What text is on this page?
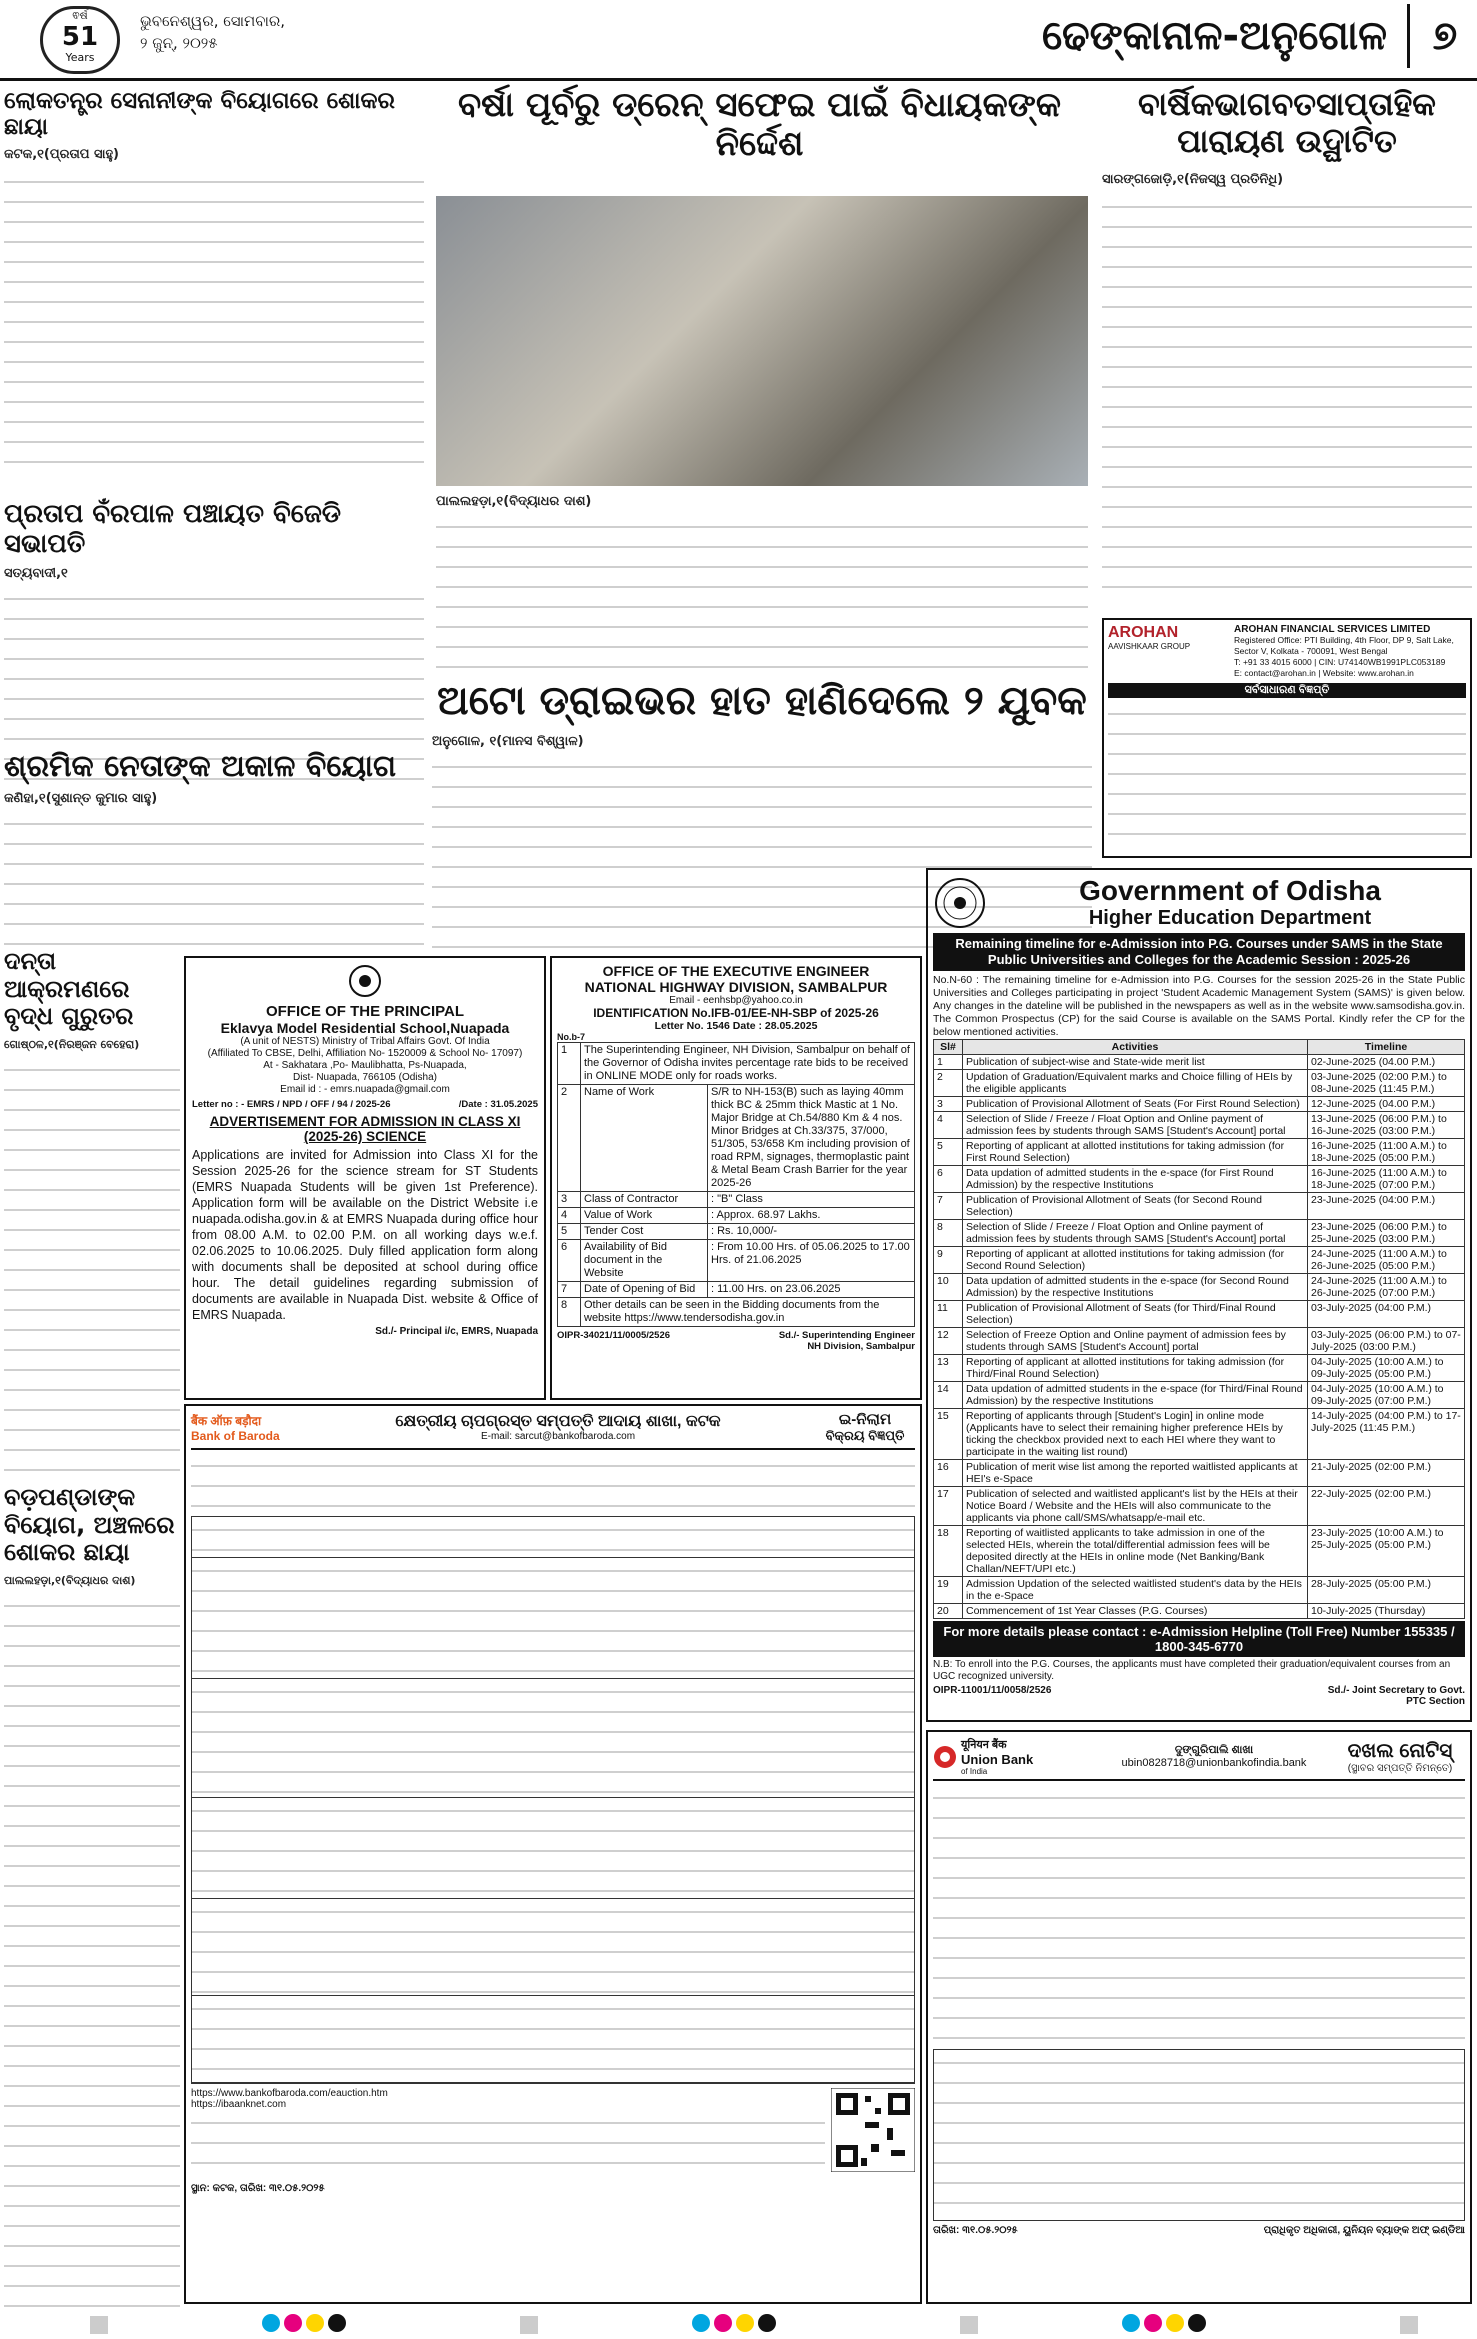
ଵର୍ଷ
51
Years
ଭୁବନେଶ୍ୱର, ସୋମବାର,
୨ ଜୁନ୍, ୨୦୨୫	ଢେଙ୍କାନାଳ-ଅନୁଗୋଳ	୭
ଲୋକତନ୍ତ୍ର ସେନାନୀଙ୍କ ବିୟୋଗରେ ଶୋକର ଛାୟା
କଟକ,୧(ପ୍ରତାପ ସାହୁ)
ବର୍ଷା ପୂର୍ବରୁ ଡ୍ରେନ୍ ସଫେଇ ପାଇଁ ବିଧାୟକଙ୍କ ନିର୍ଦ୍ଦେଶ
ପାଲଲହଡ଼ା,୧(ବିଦ୍ୟାଧର ଦାଶ)
ବାର୍ଷିକଭାଗବତସାପ୍ତାହିକ ପାରାୟଣ ଉଦ୍ଘାଟିତ
ସାରଙ୍ଗଜୋଡ଼ି,୧(ନିଜସ୍ୱ ପ୍ରତିନିଧି)
ପ୍ରତାପ ବଁରପାଳ ପଞ୍ଚାୟତ ବିଜେଡି ସଭାପତି
ସତ୍ୟବାଦୀ,୧
ଅଟୋ ଡ୍ରାଇଭର ହାତ ହାଣିଦେଲେ ୨ ଯୁବକ
ଅନୁଗୋଳ, ୧(ମାନସ ବିଶ୍ୱାଳ)
ଶ୍ରମିକ ନେତାଙ୍କ ଅକାଳ ବିୟୋଗ
କଣିହା,୧(ସୁଶାନ୍ତ କୁମାର ସାହୁ)
AROHAN
AAVISHKAAR GROUP
AROHAN FINANCIAL SERVICES LIMITED
Registered Office: PTI Building, 4th Floor, DP 9, Salt Lake, Sector V, Kolkata - 700091, West Bengal
T: +91 33 4015 6000 | CIN: U74140WB1991PLC053189
E: contact@arohan.in | Website: www.arohan.in
ସର୍ବସାଧାରଣ ବିଜ୍ଞପ୍ତି
ଦନ୍ତା ଆକ୍ରମଣରେ ବୃଦ୍ଧ ଗୁରୁତର
ଗୋଷ୍ଠଳ,୧(ନିରଞ୍ଜନ ବେହେରା)
OFFICE OF THE PRINCIPAL
Eklavya Model Residential School,Nuapada
(A unit of NESTS) Ministry of Tribal Affairs Govt. Of India
(Affiliated To CBSE, Delhi, Affiliation No- 1520009 & School No- 17097)
At - Sakhatara ,Po- Maulibhatta, Ps-Nuapada,
Dist- Nuapada, 766105 (Odisha)
Email id : - emrs.nuapada@gmail.com
Letter no : - EMRS / NPD / OFF / 94 / 2025-26	/Date : 31.05.2025
ADVERTISEMENT FOR ADMISSION IN CLASS XI (2025-26) SCIENCE
Applications are invited for Admission into Class XI for the Session 2025-26 for the science stream for ST Students (EMRS Nuapada Students will be given 1st Preference). Application form will be available on the District Website i.e nuapada.odisha.gov.in & at EMRS Nuapada during office hour from 08.00 A.M. to 02.00 P.M. on all working days w.e.f. 02.06.2025 to 10.06.2025. Duly filled application form along with documents shall be deposited at school during office hour. The detail guidelines regarding submission of documents are available in Nuapada Dist. website & Office of EMRS Nuapada.
Sd./- Principal i/c, EMRS, Nuapada
OFFICE OF THE EXECUTIVE ENGINEER
NATIONAL HIGHWAY DIVISION, SAMBALPUR
Email - eenhsbp@yahoo.co.in
IDENTIFICATION No.IFB-01/EE-NH-SBP of 2025-26
Letter No. 1546 Date : 28.05.2025
No.b-7
1	The Superintending Engineer, NH Division, Sambalpur on behalf of the Governor of Odisha invites percentage rate bids to be received in ONLINE MODE only for roads works.	
2	Name of Work	S/R to NH-153(B) such as laying 40mm thick BC & 25mm thick Mastic at 1 No. Major Bridge at Ch.54/880 Km & 4 nos. Minor Bridges at Ch.33/375, 37/000, 51/305, 53/658 Km including provision of road RPM, signages, thermoplastic paint & Metal Beam Crash Barrier for the year 2025-26
3	Class of Contractor	: "B" Class
4	Value of Work	: Approx. 68.97 Lakhs.
5	Tender Cost	: Rs. 10,000/-
6	Availability of Bid document in the Website	: From 10.00 Hrs. of 05.06.2025 to 17.00 Hrs. of 21.06.2025
7	Date of Opening of Bid	: 11.00 Hrs. on 23.06.2025
8	Other details can be seen in the Bidding documents from the website https://www.tendersodisha.gov.in	
OIPR-34021/11/0005/2526	Sd./- Superintending Engineer
NH Division, Sambalpur
Government of Odisha
Higher Education Department
Remaining timeline for e-Admission into P.G. Courses under SAMS in the State Public Universities and Colleges for the Academic Session : 2025-26
No.N-60 : The remaining timeline for e-Admission into P.G. Courses for the session 2025-26 in the State Public Universities and Colleges participating in project 'Student Academic Management System (SAMS)' is given below. Any changes in the dateline will be published in the newspapers as well as in the website www.samsodisha.gov.in. The Common Prospectus (CP) for the said Course is available on the SAMS Portal. Kindly refer the CP for the below mentioned activities.
Sl#	Activities	Timeline
1	Publication of subject-wise and State-wide merit list	02-June-2025 (04.00 P.M.)
2	Updation of Graduation/Equivalent marks and Choice filling of HEIs by the eligible applicants	03-June-2025 (02:00 P.M.) to 08-June-2025 (11:45 P.M.)
3	Publication of Provisional Allotment of Seats (For First Round Selection)	12-June-2025 (04.00 P.M.)
4	Selection of Slide / Freeze / Float Option and Online payment of admission fees by students through SAMS [Student's Account] portal	13-June-2025 (06:00 P.M.) to 16-June-2025 (03:00 P.M.)
5	Reporting of applicant at allotted institutions for taking admission (for First Round Selection)	16-June-2025 (11:00 A.M.) to 18-June-2025 (05:00 P.M.)
6	Data updation of admitted students in the e-space (for First Round Admission) by the respective Institutions	16-June-2025 (11:00 A.M.) to 18-June-2025 (07:00 P.M.)
7	Publication of Provisional Allotment of Seats (for Second Round Selection)	23-June-2025 (04:00 P.M.)
8	Selection of Slide / Freeze / Float Option and Online payment of admission fees by students through SAMS [Student's Account] portal	23-June-2025 (06:00 P.M.) to 25-June-2025 (03:00 P.M.)
9	Reporting of applicant at allotted institutions for taking admission (for Second Round Selection)	24-June-2025 (11:00 A.M.) to 26-June-2025 (05:00 P.M.)
10	Data updation of admitted students in the e-space (for Second Round Admission) by the respective Institutions	24-June-2025 (11:00 A.M.) to 26-June-2025 (07:00 P.M.)
11	Publication of Provisional Allotment of Seats (for Third/Final Round Selection)	03-July-2025 (04:00 P.M.)
12	Selection of Freeze Option and Online payment of admission fees by students through SAMS [Student's Account] portal	03-July-2025 (06:00 P.M.) to 07-July-2025 (03:00 P.M.)
13	Reporting of applicant at allotted institutions for taking admission (for Third/Final Round Selection)	04-July-2025 (10:00 A.M.) to 09-July-2025 (05:00 P.M.)
14	Data updation of admitted students in the e-space (for Third/Final Round Admission) by the respective Institutions	04-July-2025 (10:00 A.M.) to 09-July-2025 (07:00 P.M.)
15	Reporting of applicants through [Student's Login] in online mode (Applicants have to select their remaining higher preference HEIs by ticking the checkbox provided next to each HEI where they want to participate in the waiting list round)	14-July-2025 (04:00 P.M.) to 17-July-2025 (11:45 P.M.)
16	Publication of merit wise list among the reported waitlisted applicants at HEI's e-Space	21-July-2025 (02:00 P.M.)
17	Publication of selected and waitlisted applicant's list by the HEIs at their Notice Board / Website and the HEIs will also communicate to the applicants via phone call/SMS/whatsapp/e-mail etc.	22-July-2025 (02:00 P.M.)
18	Reporting of waitlisted applicants to take admission in one of the selected HEIs, wherein the total/differential admission fees will be deposited directly at the HEIs in online mode (Net Banking/Bank Challan/NEFT/UPI etc.)	23-July-2025 (10:00 A.M.) to 25-July-2025 (05:00 P.M.)
19	Admission Updation of the selected waitlisted student's data by the HEIs in the e-Space	28-July-2025 (05:00 P.M.)
20	Commencement of 1st Year Classes (P.G. Courses)	10-July-2025 (Thursday)
For more details please contact : e-Admission Helpline (Toll Free) Number 155335 / 1800-345-6770
N.B: To enroll into the P.G. Courses, the applicants must have completed their graduation/equivalent courses from an UGC recognized university.
OIPR-11001/11/0058/2526	Sd./- Joint Secretary to Govt.
PTC Section
ବଡ଼ପଣ୍ଡାଙ୍କ ବିୟୋଗ, ଅଞ୍ଚଳରେ ଶୋକର ଛାୟା
ପାଲଲହଡ଼ା,୧(ବିଦ୍ୟାଧର ଦାଶ)
बैंक ऑफ़ बड़ौदा
Bank of Baroda
କ୍ଷେତ୍ରୀୟ ଚାପଗ୍ରସ୍ତ ସମ୍ପତ୍ତି ଆଦାୟ ଶାଖା, କଟକ
E-mail: sarcut@bankofbaroda.com
ଇ-ନିଲାମ
ବିକ୍ରୟ ବିଜ୍ଞପ୍ତି
https://www.bankofbaroda.com/eauction.htm
https://ibaanknet.com
ସ୍ଥାନ: କଟକ, ତାରିଖ: ୩୧.୦୫.୨୦୨୫
यूनियन बैंक
Union Bank
of India
ଦୁଙ୍ଗୁରିପାଲି ଶାଖା
ubin0828718@unionbankofindia.bank
ଦଖଲ ନୋଟିସ୍
(ସ୍ଥାବର ସମ୍ପତ୍ତି ନିମନ୍ତେ)
ତାରିଖ: ୩୧.୦୫.୨୦୨୫	ପ୍ରାଧିକୃତ ଅଧିକାରୀ, ୟୁନିୟନ ବ୍ୟାଙ୍କ ଅଫ୍ ଇଣ୍ଡିଆ
